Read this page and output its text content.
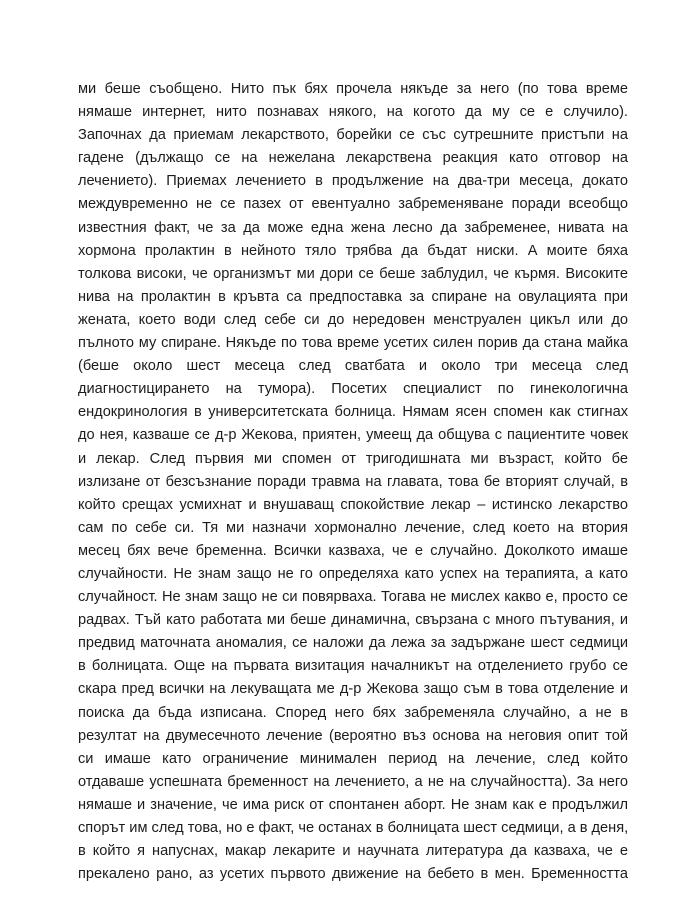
ми беше съобщено. Нито пък бях прочела някъде за него (по това време
нямаше интернет, нито познавах някого, на когото да му се е случило).
Започнах да приемам лекарството, борейки се със сутрешните пристъпи на
гадене (дължащо се на нежелана лекарствена реакция като отговор на
лечението). Приемах лечението в продължение на два-три месеца, докато
междувременно не се пазех от евентуално забременяване поради всеобщо
известния факт, че за да може една жена лесно да забременее, нивата на
хормона пролактин в нейното тяло трябва да бъдат ниски. А моите бяха
толкова високи, че организмът ми дори се беше заблудил, че кърмя. Високите
нива на пролактин в кръвта са предпоставка за спиране на овулацията при
жената, което води след себе си до нередовен менструален цикъл или до
пълното му спиране. Някъде по това време усетих силен порив да стана майка
(беше около шест месеца след сватбата и около три месеца след
диагностицирането на тумора). Посетих специалист по гинекологична
ендокринология в университетската болница. Нямам ясен спомен как стигнах
до нея, казваше се д-р Жекова, приятен, умеещ да общува с пациентите човек
и лекар. След първия ми спомен от тригодишната ми възраст, който бе
излизане от безсъзнание поради травма на главата, това бе вторият случай, в
който срещах усмихнат и внушаващ спокойствие лекар – истинско лекарство
сам по себе си. Тя ми назначи хормонално лечение, след което на втория
месец бях вече бременна. Всички казваха, че е случайно. Доколкото имаше
случайности. Не знам защо не го определяха като успех на терапията, а като
случайност. Не знам защо не си повярваха. Тогава не мислех какво е, просто се
радвах. Тъй като работата ми беше динамична, свързана с много пътувания, и
предвид маточната аномалия, се наложи да лежа за задържане шест седмици
в болницата. Още на първата визитация началникът на отделението грубо се
скара пред всички на лекуващата ме д-р Жекова защо съм в това отделение и
поиска да бъда изписана. Според него бях забременяла случайно, а не в
резултат на двумесечното лечение (вероятно въз основа на неговия опит той
си имаше като ограничение минимален период на лечение, след който
отдаваше успешната бременност на лечението, а не на случайността). За него
нямаше и значение, че има риск от спонтанен аборт. Не знам как е продължил
спорът им след това, но е факт, че останах в болницата шест седмици, а в деня,
в който я напуснах, макар лекарите и научната литература да казваха, че е
прекалено рано, аз усетих първото движение на бебето в мен. Бременността
